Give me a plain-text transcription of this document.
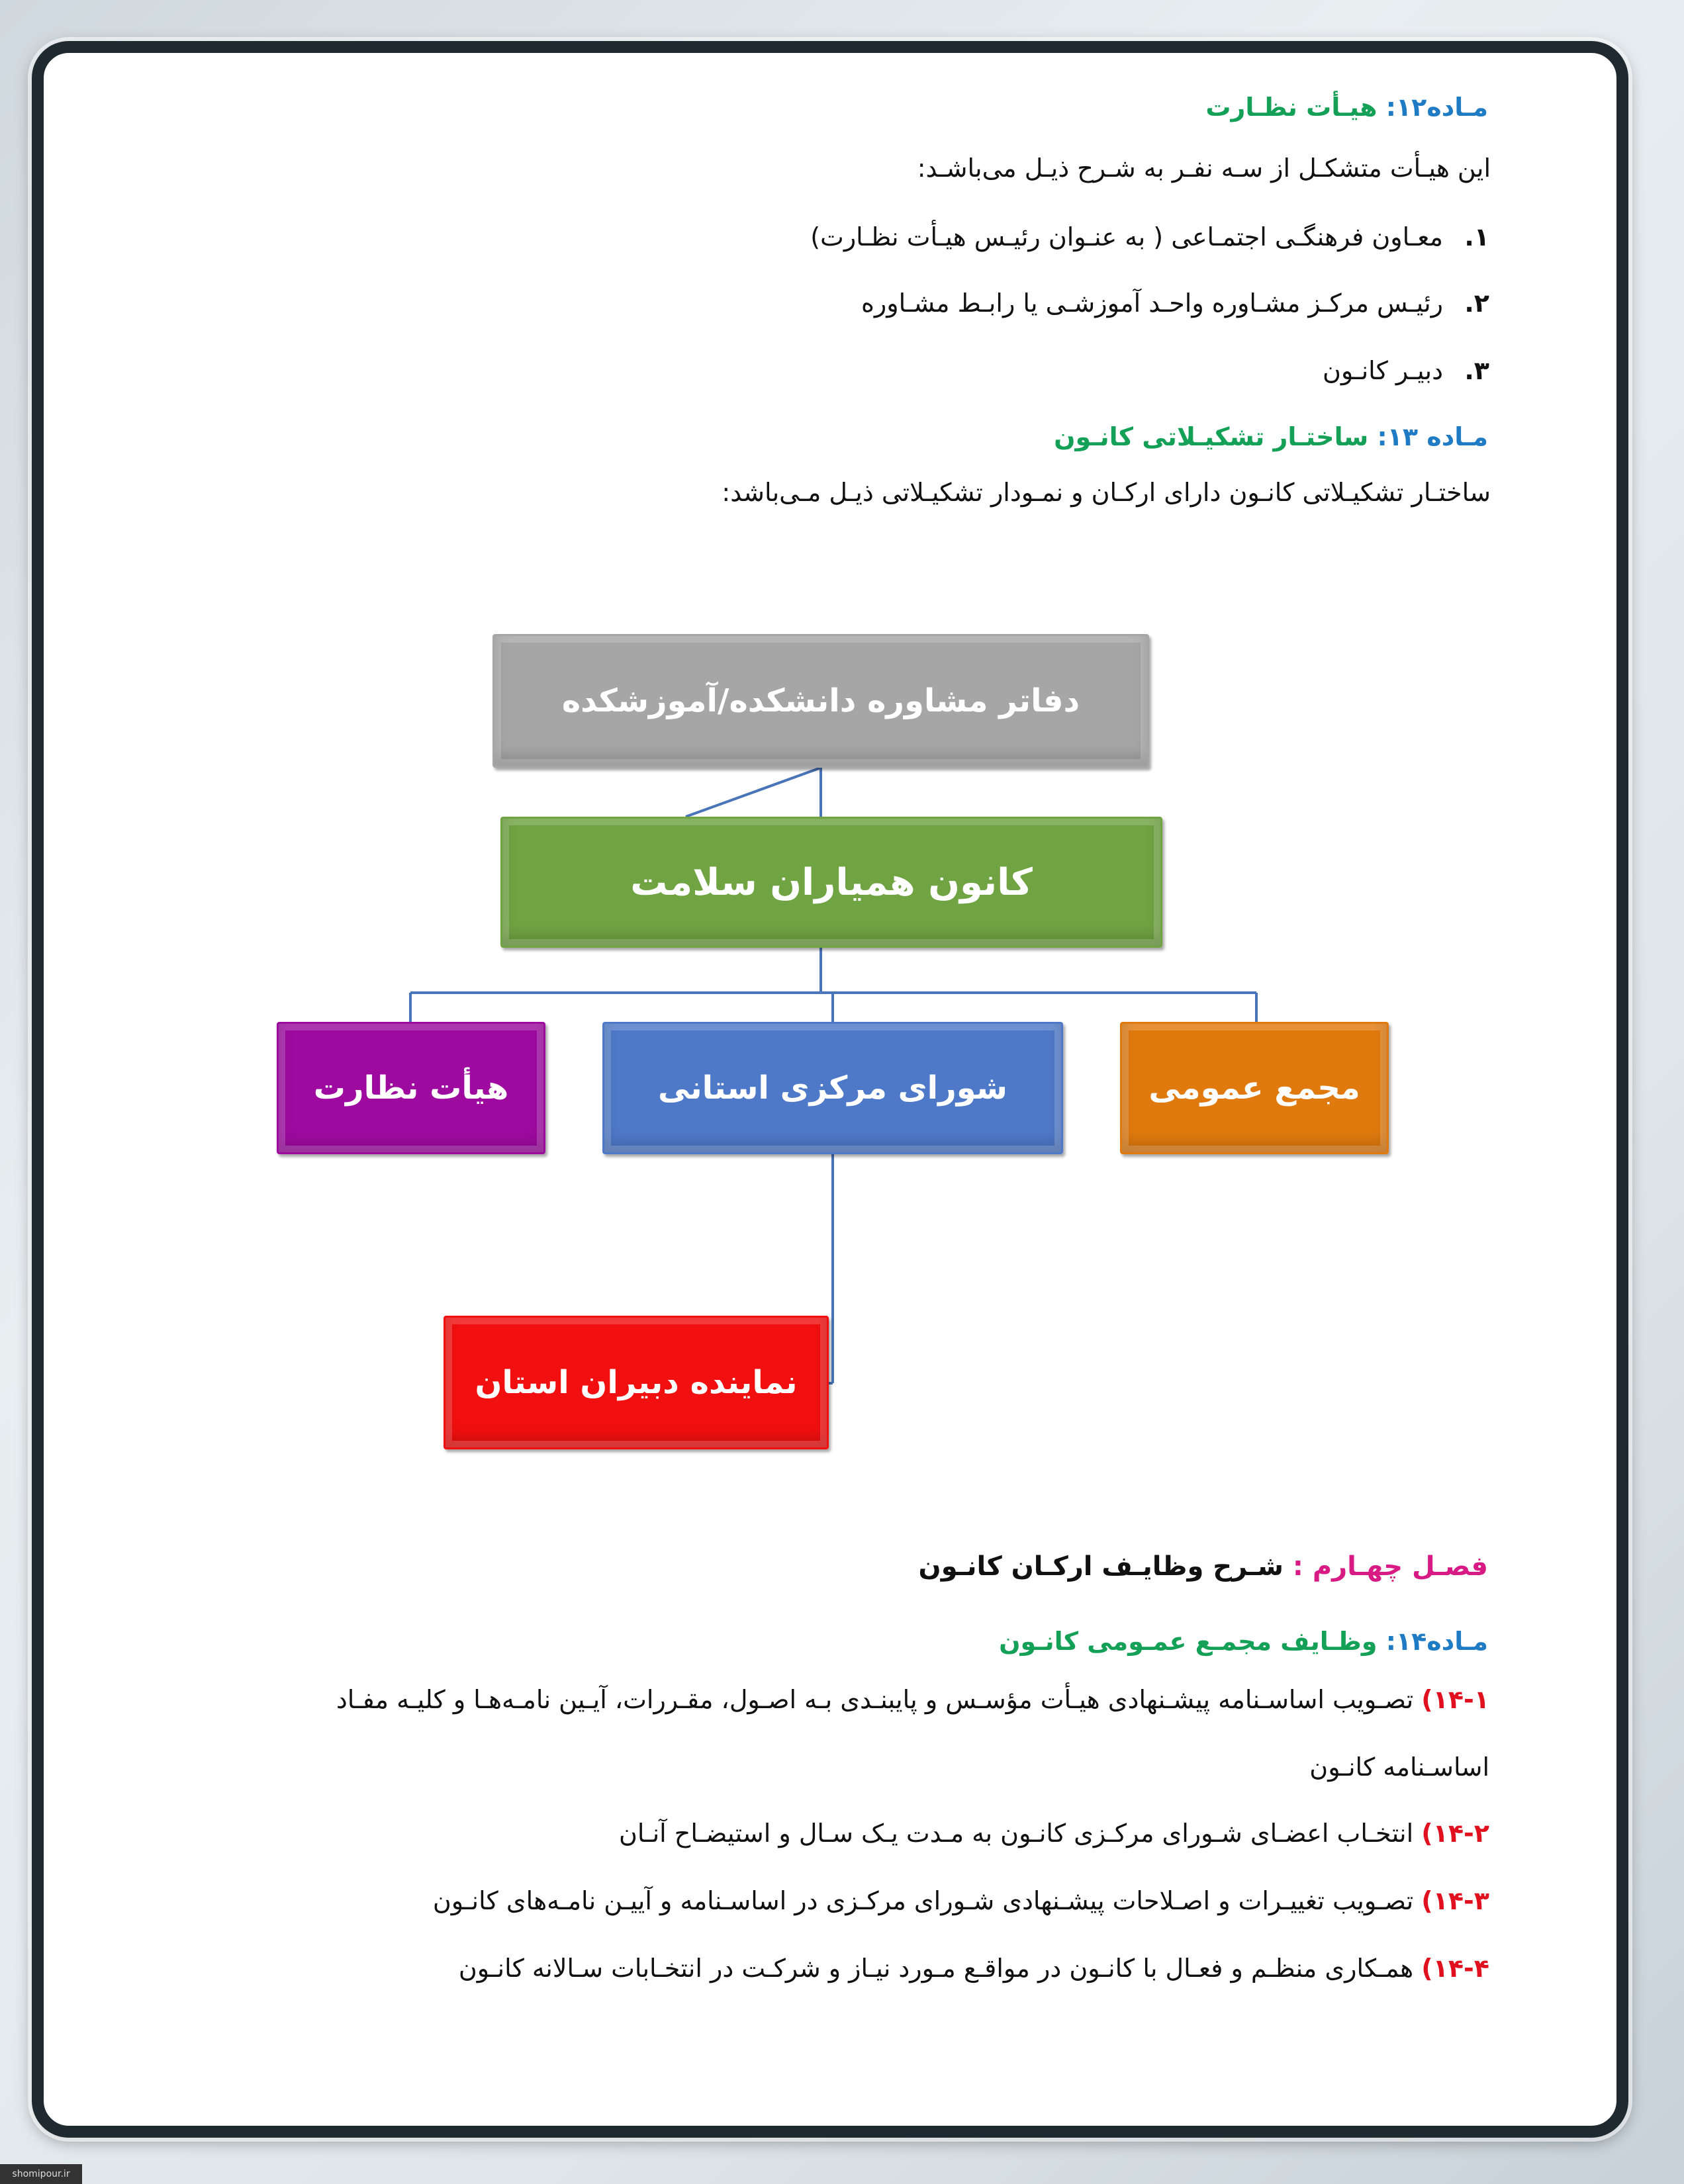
مـاده۱۲: هیـأت نظـارت
این هیـأت متشکـل از سـه نفـر به شـرح ذیـل می‌باشـد:
۱.معـاون فرهنگـی اجتمـاعی ( به عنـوان رئیـس هیـأت نظـارت)
۲.رئیـس مرکـز مشـاوره واحـد آموزشـی یا رابـط مشـاوره
۳.دبیـر کانـون
مـاده ۱۳: ساختـار تشکیـلاتی کانـون
ساختـار تشکیـلاتی کانـون دارای ارکـان و نمـودار تشکیـلاتی ذیـل مـی‌باشد:
دفاتر مشاوره دانشکده/آموزشکده
کانون همیاران سلامت
مجمع عمومی
شورای مرکزی استانی
هیأت نظارت
نماینده دبیران استان
فصـل چهـارم : شـرح وظایـف ارکـان کانـون
مـاده۱۴: وظـایف مجمـع عمـومی کانـون
۱۴-۱) تصـویب اساسـنامه پیشـنهادی هیـأت مؤسـس و پایبنـدی بـه اصـول، مقـررات، آیـین نامـه‌هـا و کلیـه مفـاد
اساسـنامه کانـون
۱۴-۲) انتخـاب اعضـای شـورای مرکـزی کانـون به مـدت یـک سـال و استیضـاح آنـان
۱۴-۳) تصـویب تغییـرات و اصـلاحات پیشـنهادی شـورای مرکـزی در اساسـنامه و آییـن نامـه‌های کانـون
۱۴-۴) همـکاری منظـم و فعـال با کانـون در مواقـع مـورد نیـاز و شرکـت در انتخـابات سـالانه کانـون
shomipour.ir
